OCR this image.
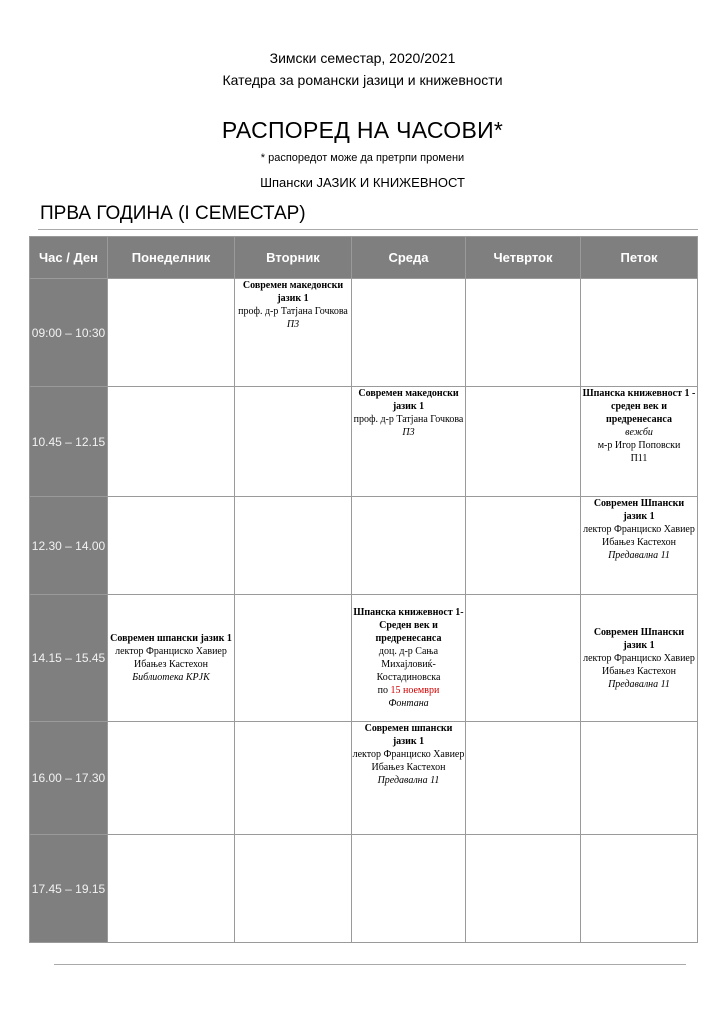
Зимски семестар, 2020/2021
Катедра за романски јазици и книжевности
РАСПОРЕД НА ЧАСОВИ*
* распоредот може да претрпи промени
Шпански ЈАЗИК И КНИЖЕВНОСТ
ПРВА ГОДИНА (I СЕМЕСТАР)
Час / Ден	Понеделник	Вторник	Среда	Четврток	Петок
09:00 – 10:30		Современ македонски јазик 1
проф. д-р Татјана Гочкова
П3			

10.45 – 12.15			Современ македонски јазик 1
проф. д-р Татјана Гочкова
П3		Шпанска книжевност 1 - среден век и предренесанса
вежби
м-р Игор Поповски
П11

12.30 – 14.00					Современ Шпански јазик 1
лектор Франциско Хавиер Ибањез Кастехон
Предавална 11

14.15 – 15.45	Современ шпански јазик 1
лектор Франциско Хавиер Ибањез Кастехон
Библиотека КРЈК		Шпанска книжевност 1- Среден век и предренесанса
доц. д-р Сања Михајловиќ-Костадиновска
по 15 ноември
Фонтана		Современ Шпански јазик 1
лектор Франциско Хавиер Ибањез Кастехон
Предавална 11

16.00 – 17.30			Современ шпански јазик 1
лектор Франциско Хавиер Ибањез Кастехон
Предавална 11		

17.45 – 19.15					
